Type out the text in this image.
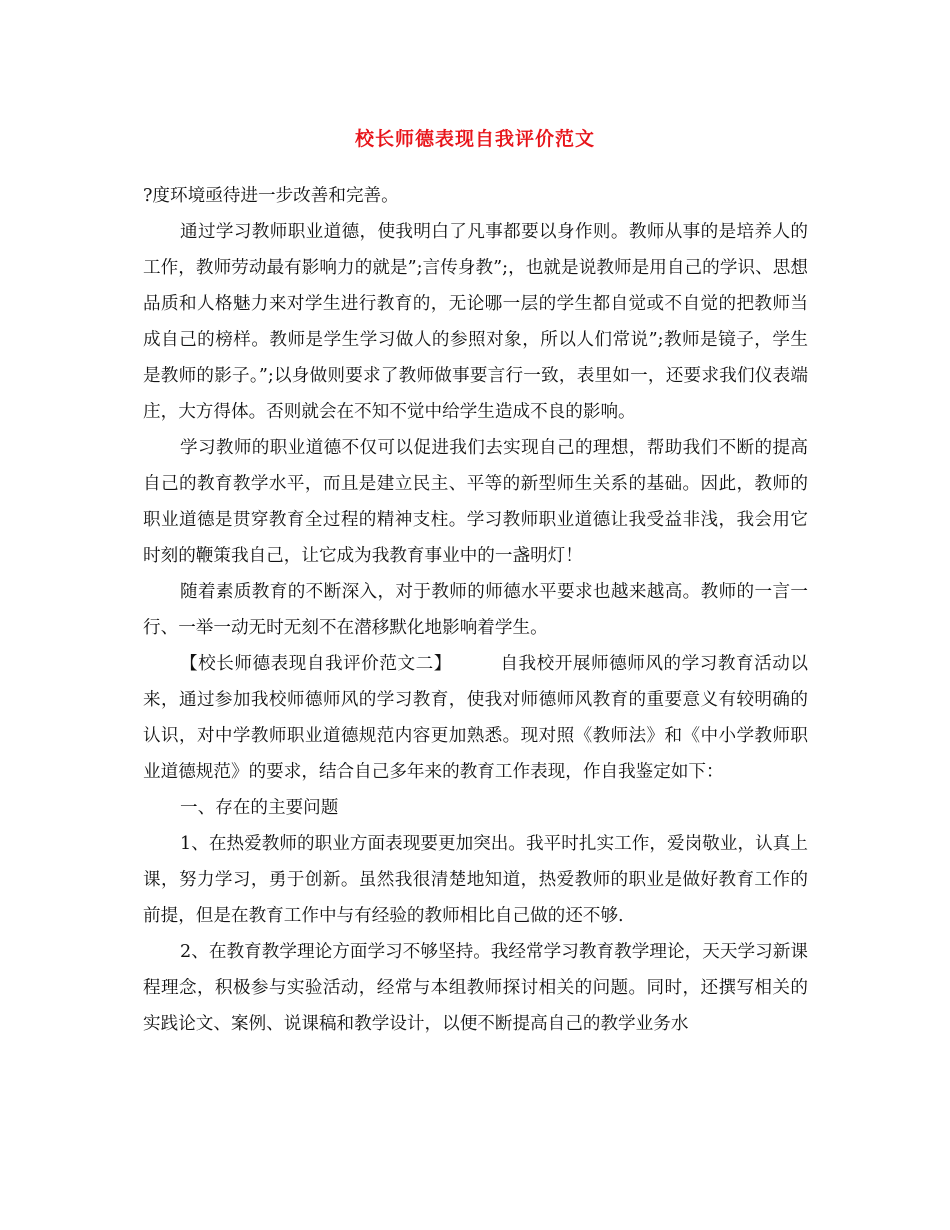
校长师德表现自我评价范文

?度环境亟待进一步改善和完善。

通过学习教师职业道德，使我明白了凡事都要以身作则。教师从事的是培养人的工作，教师劳动最有影响力的就是”;言传身教”;，也就是说教师是用自己的学识、思想品质和人格魅力来对学生进行教育的，无论哪一层的学生都自觉或不自觉的把教师当成自己的榜样。教师是学生学习做人的参照对象，所以人们常说”;教师是镜子，学生是教师的影子。”;以身做则要求了教师做事要言行一致，表里如一，还要求我们仪表端庄，大方得体。否则就会在不知不觉中给学生造成不良的影响。

学习教师的职业道德不仅可以促进我们去实现自己的理想，帮助我们不断的提高自己的教育教学水平，而且是建立民主、平等的新型师生关系的基础。因此，教师的职业道德是贯穿教育全过程的精神支柱。学习教师职业道德让我受益非浅，我会用它时刻的鞭策我自己，让它成为我教育事业中的一盏明灯！

随着素质教育的不断深入，对于教师的师德水平要求也越来越高。教师的一言一行、一举一动无时无刻不在潜移默化地影响着学生。

【校长师德表现自我评价范文二】	自我校开展师德师风的学习教育活动以来，通过参加我校师德师风的学习教育，使我对师德师风教育的重要意义有较明确的认识，对中学教师职业道德规范内容更加熟悉。现对照《教师法》和《中小学教师职业道德规范》的要求，结合自己多年来的教育工作表现，作自我鉴定如下：

一、存在的主要问题

1、在热爱教师的职业方面表现要更加突出。我平时扎实工作，爱岗敬业，认真上课，努力学习，勇于创新。虽然我很清楚地知道，热爱教师的职业是做好教育工作的前提，但是在教育工作中与有经验的教师相比自己做的还不够.

2、在教育教学理论方面学习不够坚持。我经常学习教育教学理论，天天学习新课程理念，积极参与实验活动，经常与本组教师探讨相关的问题。同时，还撰写相关的实践论文、案例、说课稿和教学设计，以便不断提高自己的教学业务水
